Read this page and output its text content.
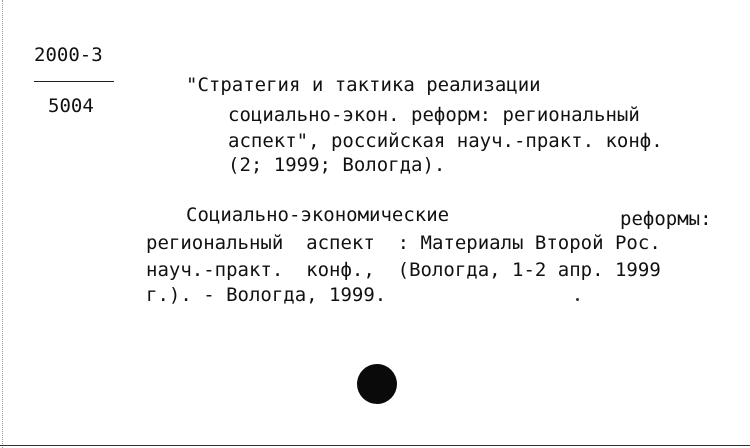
2000-3
5004
"Стратегия и тактика реализации
социально-экон. реформ: региональный
аспект", российская науч.-практ. конф.
(2; 1999; Вологда).
Социально-экономические	реформы:
региональный  аспект  : Материалы Второй Рос.
науч.-практ.  конф.,  (Вологда, 1-2 апр. 1999
г.). - Вологда, 1999.
